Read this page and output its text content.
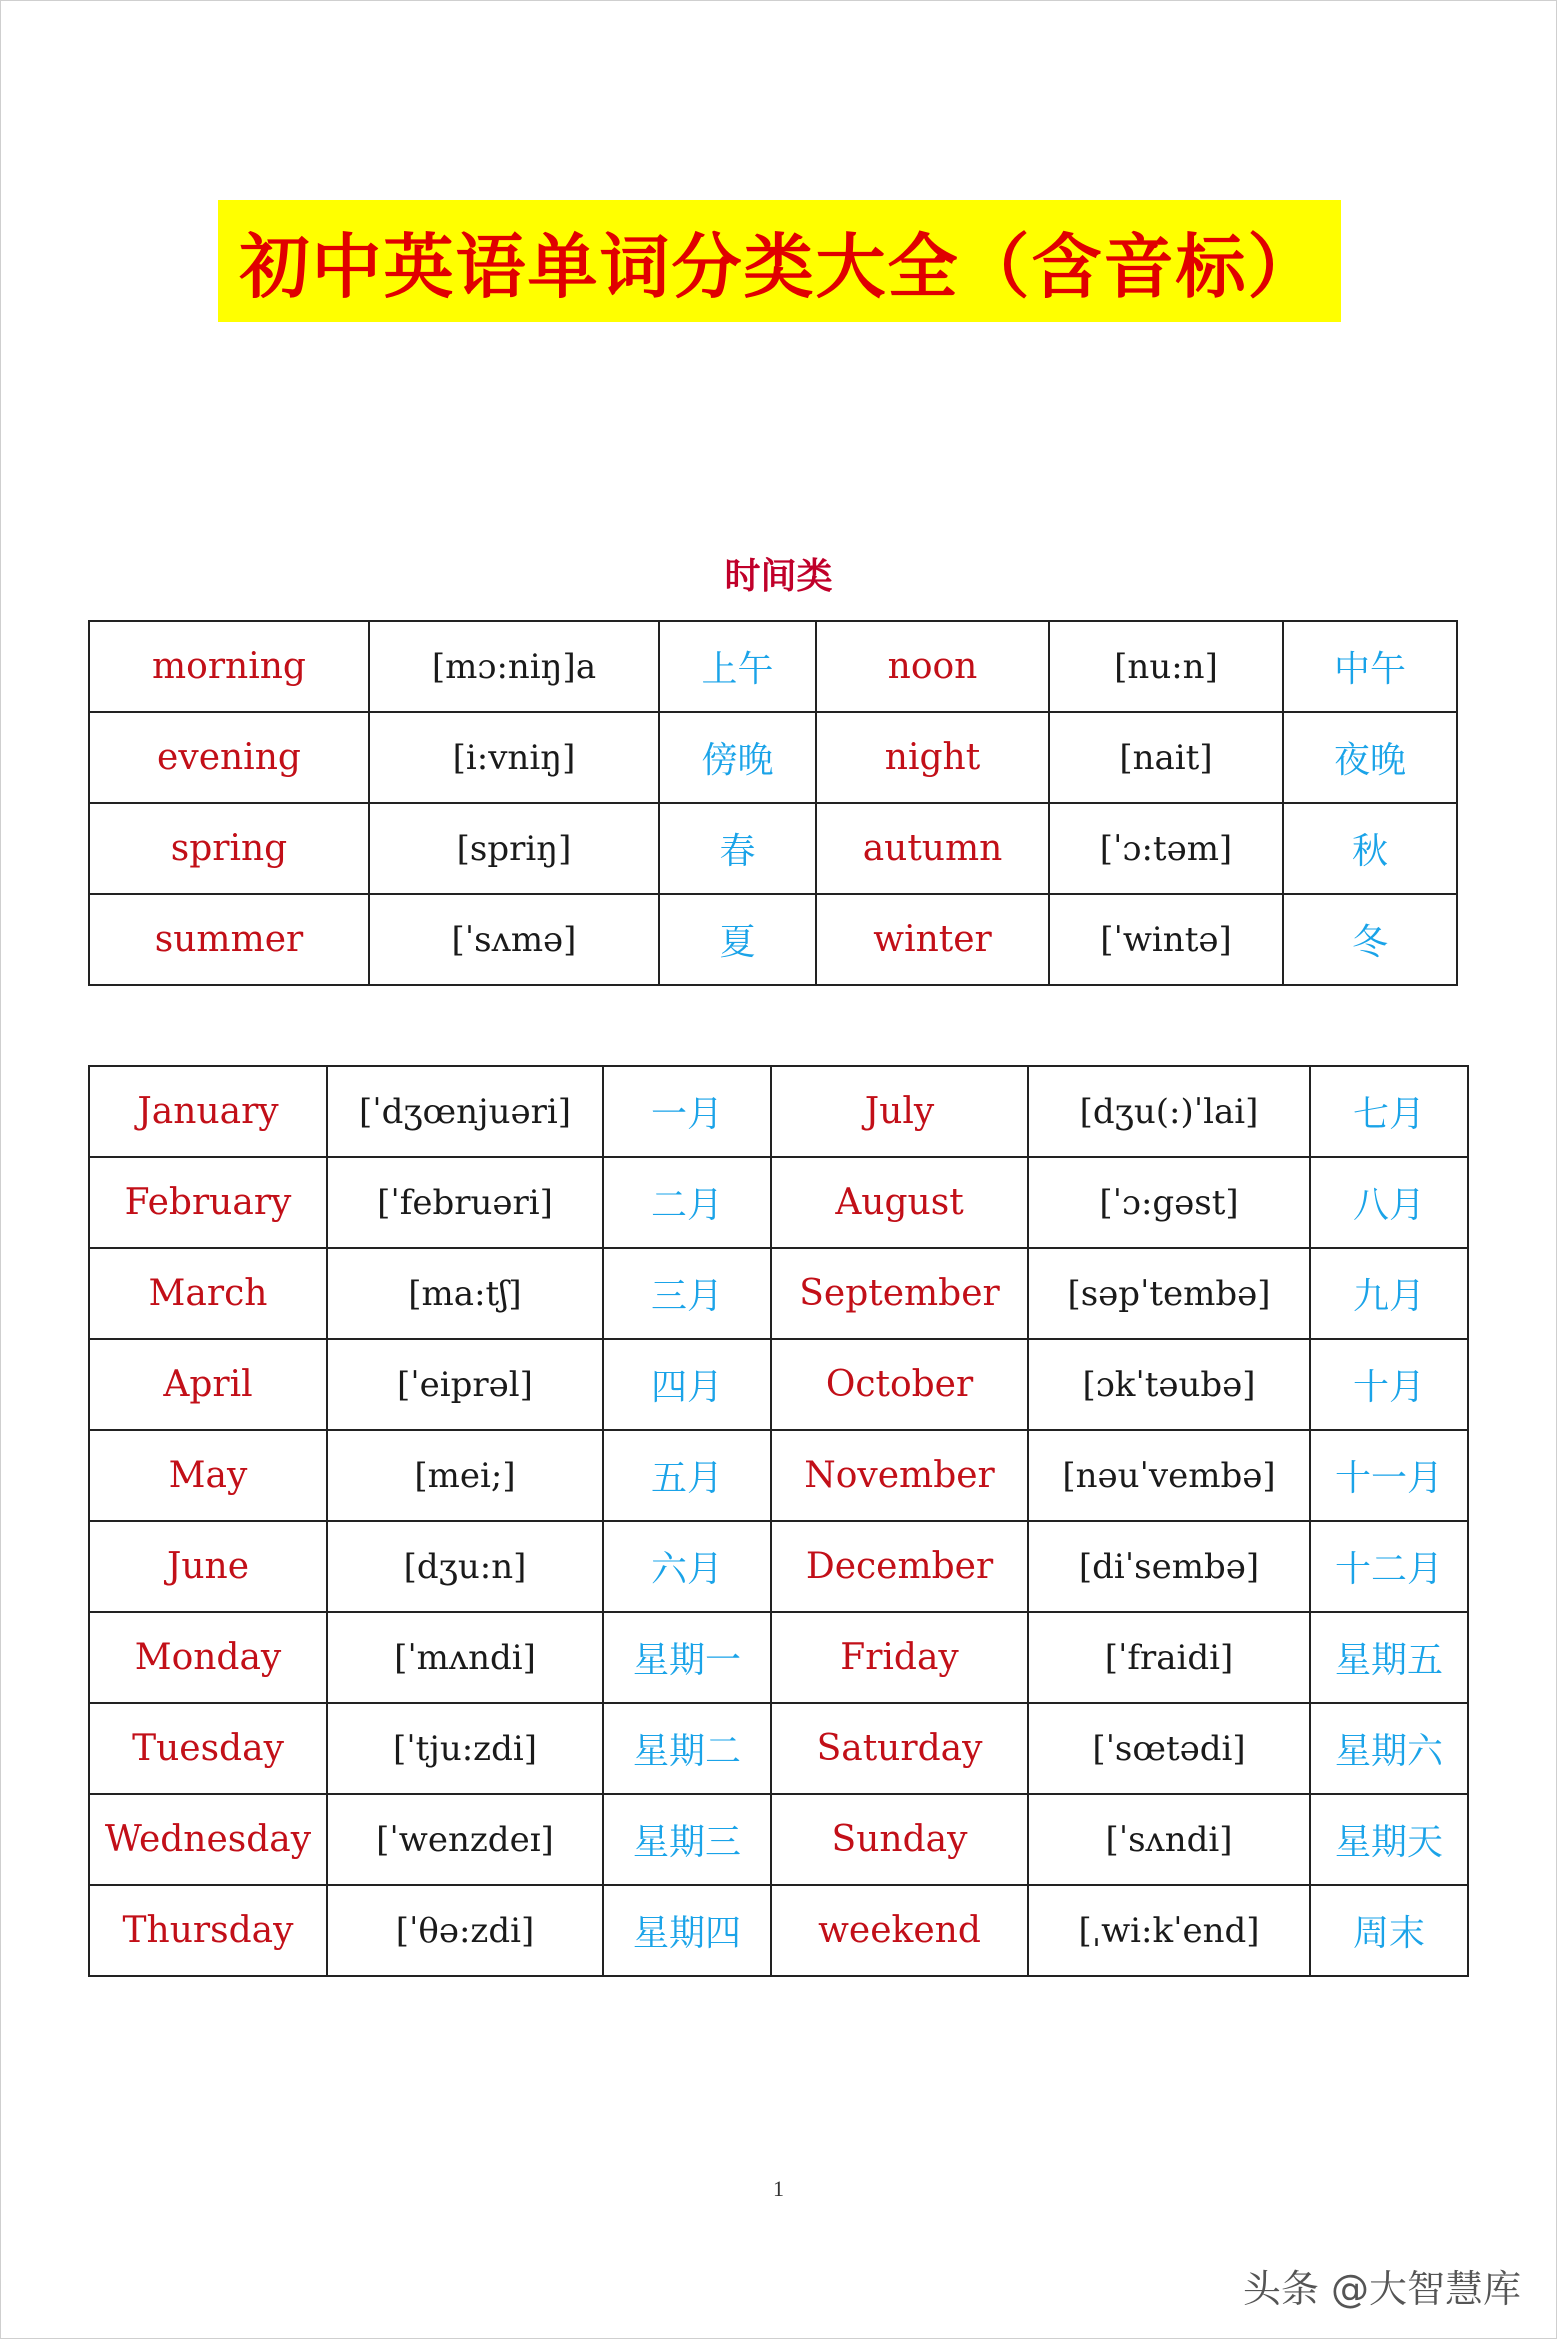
初中英语单词分类大全（含音标）
时间类
morning	[mɔ:niŋ]a	上午	noon	[nu:n]	中午
evening	[i:vniŋ]	傍晚	night	[nait]	夜晚
spring	[spriŋ]	春	autumn	[ˈɔ:təm]	秋
summer	[ˈsʌmə]	夏	winter	[ˈwintə]	冬
January	[ˈdʒœnjuəri]	一月	July	[dʒu(:)ˈlai]	七月
February	[ˈfebruəri]	二月	August	[ˈɔ:gəst]	八月
March	[ma:tʃ]	三月	September	[səpˈtembə]	九月
April	[ˈeiprəl]	四月	October	[ɔkˈtəubə]	十月
May	[mei;]	五月	November	[nəuˈvembə]	十一月
June	[dʒu:n]	六月	December	[diˈsembə]	十二月
Monday	[ˈmʌndi]	星期一	Friday	[ˈfraidi]	星期五
Tuesday	[ˈtju:zdi]	星期二	Saturday	[ˈsœtədi]	星期六
Wednesday	[ˈwenzdeɪ]	星期三	Sunday	[ˈsʌndi]	星期天
Thursday	[ˈθə:zdi]	星期四	weekend	[ˌwi:kˈend]	周末
1
头条 @大智慧库
